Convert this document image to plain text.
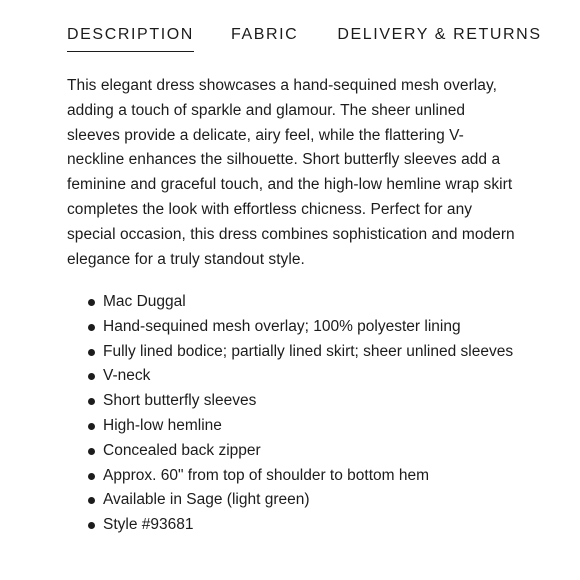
DESCRIPTION FABRIC DELIVERY & RETURNS

This elegant dress showcases a hand-sequined mesh overlay, adding a touch of sparkle and glamour. The sheer unlined sleeves provide a delicate, airy feel, while the flattering V-neckline enhances the silhouette. Short butterfly sleeves add a feminine and graceful touch, and the high-low hemline wrap skirt completes the look with effortless chicness. Perfect for any special occasion, this dress combines sophistication and modern elegance for a truly standout style.

Mac Duggal
Hand-sequined mesh overlay; 100% polyester lining
Fully lined bodice; partially lined skirt; sheer unlined sleeves
V-neck
Short butterfly sleeves
High-low hemline
Concealed back zipper
Approx. 60" from top of shoulder to bottom hem
Available in Sage (light green)
Style #93681
